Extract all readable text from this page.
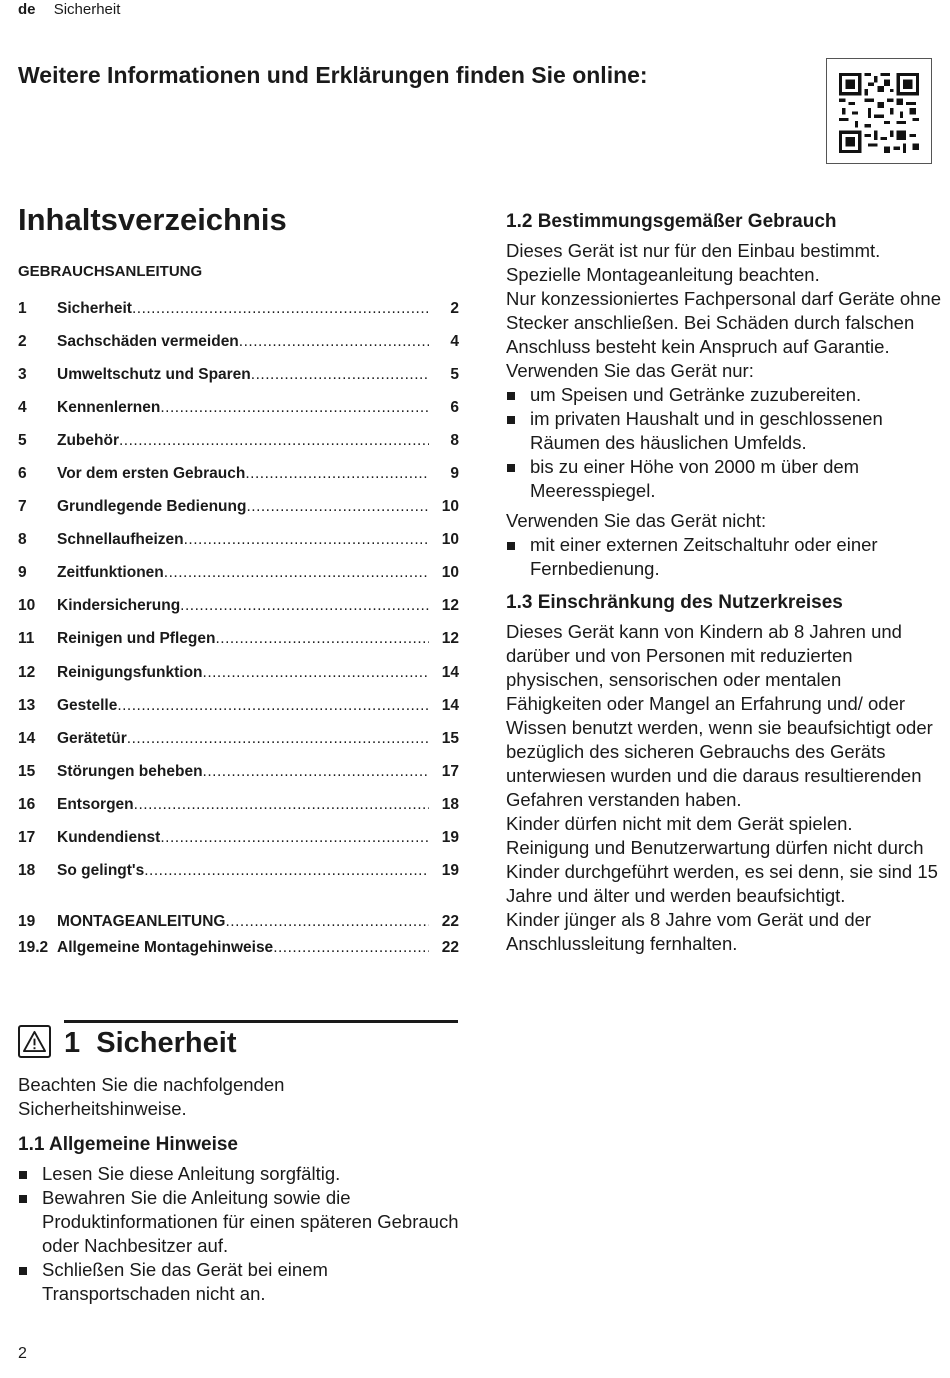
de Sicherheit
Weitere Informationen und Erklärungen finden Sie online:
Inhaltsverzeichnis
GEBRAUCHSANLEITUNG
1	Sicherheit .....	2
2	Sachschäden vermeiden .....	4
3	Umweltschutz und Sparen .....	5
4	Kennenlernen .....	6
5	Zubehör .....	8
6	Vor dem ersten Gebrauch .....	9
7	Grundlegende Bedienung .....	10
8	Schnellaufheizen .....	10
9	Zeitfunktionen .....	10
10	Kindersicherung .....	12
11	Reinigen und Pflegen .....	12
12	Reinigungsfunktion .....	14
13	Gestelle .....	14
14	Gerätetür .....	15
15	Störungen beheben .....	17
16	Entsorgen .....	18
17	Kundendienst .....	19
18	So gelingt's .....	19
19	MONTAGEANLEITUNG .....	22
19.2 Allgemeine Montagehinweise .....	22
1 Sicherheit

Beachten Sie die nachfolgenden Sicherheitshinweise.

1.1 Allgemeine Hinweise
Lesen Sie diese Anleitung sorgfältig.
Bewahren Sie die Anleitung sowie die Produktinformationen für einen späteren Gebrauch oder Nachbesitzer auf.
Schließen Sie das Gerät bei einem Transportschaden nicht an.
1.2 Bestimmungsgemäßer Gebrauch

Dieses Gerät ist nur für den Einbau bestimmt. Spezielle Montageanleitung beachten.

Nur konzessioniertes Fachpersonal darf Geräte ohne Stecker anschließen. Bei Schäden durch falschen Anschluss besteht kein Anspruch auf Garantie.

Verwenden Sie das Gerät nur:

um Speisen und Getränke zuzubereiten.
im privaten Haushalt und in geschlossenen Räumen des häuslichen Umfelds.
bis zu einer Höhe von 2000 m über dem Meeresspiegel.

Verwenden Sie das Gerät nicht:

mit einer externen Zeitschaltuhr oder einer Fernbedienung.
1.3 Einschränkung des Nutzerkreises

Dieses Gerät kann von Kindern ab 8 Jahren und darüber und von Personen mit reduzierten physischen, sensorischen oder mentalen Fähigkeiten oder Mangel an Erfahrung und/ oder Wissen benutzt werden, wenn sie beaufsichtigt oder bezüglich des sicheren Gebrauchs des Geräts unterwiesen wurden und die daraus resultierenden Gefahren verstanden haben.

Kinder dürfen nicht mit dem Gerät spielen.

Reinigung und Benutzerwartung dürfen nicht durch Kinder durchgeführt werden, es sei denn, sie sind 15 Jahre und älter und werden beaufsichtigt.

Kinder jünger als 8 Jahre vom Gerät und der Anschlussleitung fernhalten.

2
